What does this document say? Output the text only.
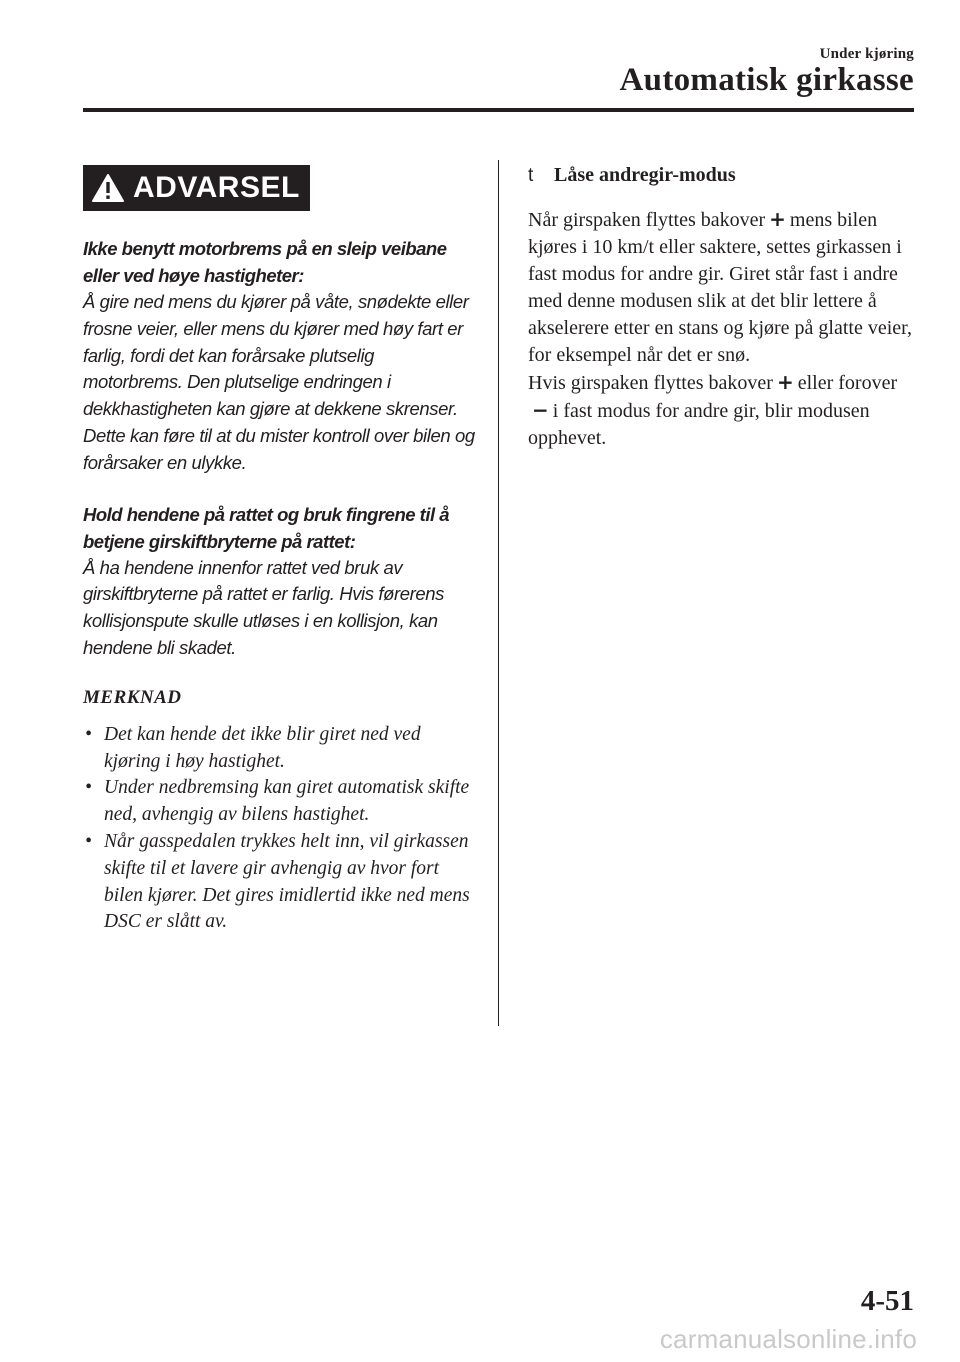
Under kjøring
Automatisk girkasse
ADVARSEL
Ikke benytt motorbrems på en sleip veibane eller ved høye hastigheter:
Å gire ned mens du kjører på våte, snødekte eller frosne veier, eller mens du kjører med høy fart er farlig, fordi det kan forårsake plutselig motorbrems. Den plutselige endringen i dekkhastigheten kan gjøre at dekkene skrenser. Dette kan føre til at du mister kontroll over bilen og forårsaker en ulykke.
Hold hendene på rattet og bruk fingrene til å betjene girskiftbryterne på rattet:
Å ha hendene innenfor rattet ved bruk av girskiftbryterne på rattet er farlig. Hvis førerens kollisjonspute skulle utløses i en kollisjon, kan hendene bli skadet.
MERKNAD
• Det kan hende det ikke blir giret ned ved kjøring i høy hastighet.
• Under nedbremsing kan giret automatisk skifte ned, avhengig av bilens hastighet.
• Når gasspedalen trykkes helt inn, vil girkassen skifte til et lavere gir avhengig av hvor fort bilen kjører. Det gires imidlertid ikke ned mens DSC er slått av.
t	Låse andregir-modus
Når girspaken flyttes bakover + mens bilen kjøres i 10 km/t eller saktere, settes girkassen i fast modus for andre gir. Giret står fast i andre med denne modusen slik at det blir lettere å akselerere etter en stans og kjøre på glatte veier, for eksempel når det er snø.
Hvis girspaken flyttes bakover + eller forover− i fast modus for andre gir, blir modusen opphevet.
4-51
carmanualsonline.info
